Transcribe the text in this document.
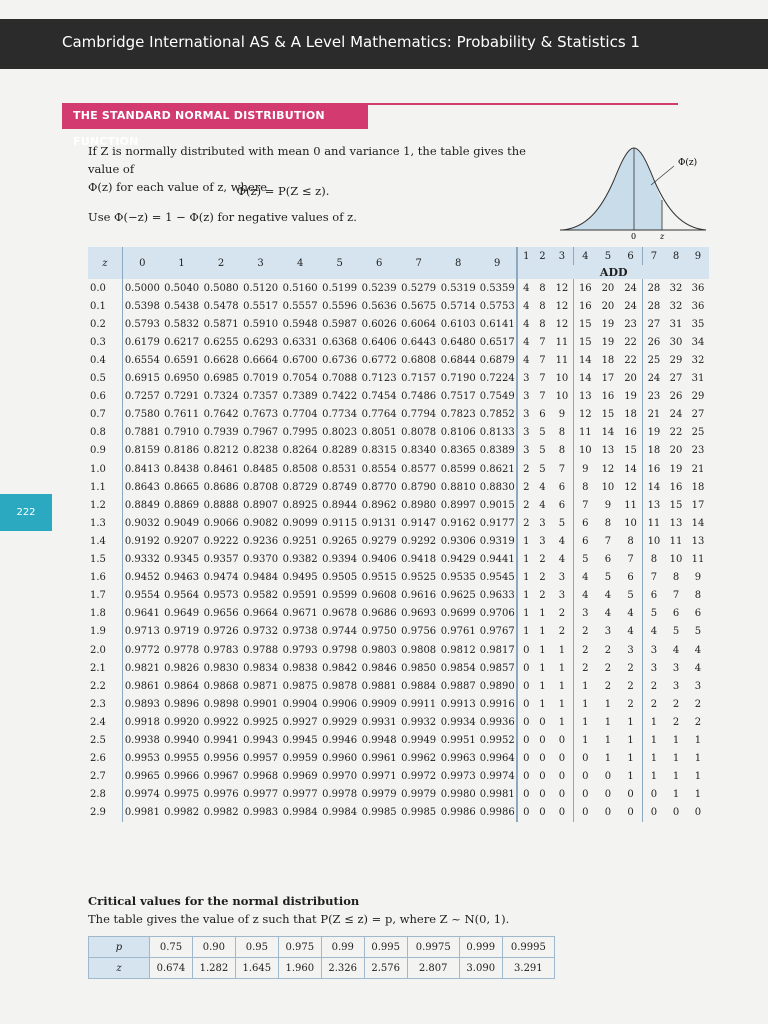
Cambridge International AS & A Level Mathematics: Probability & Statistics 1
THE STANDARD NORMAL DISTRIBUTION FUNCTION
222

If Z is normally distributed with mean 0 and variance 1, the table gives the value of

Φ(z) for each value of z, where

Φ(z) = P(Z ≤ z).
Use Φ(−z) = 1 − Φ(z) for negative values of z.
Φ(z)
0	z
z	0	1	2	3	4	5	6	7	8	9	1	2	3	4	5	6	7	8	9
											ADD								
0.0	0.5000	0.5040	0.5080	0.5120	0.5160	0.5199	0.5239	0.5279	0.5319	0.5359	4	8	12	16	20	24	28	32	36
0.1	0.5398	0.5438	0.5478	0.5517	0.5557	0.5596	0.5636	0.5675	0.5714	0.5753	4	8	12	16	20	24	28	32	36
0.2	0.5793	0.5832	0.5871	0.5910	0.5948	0.5987	0.6026	0.6064	0.6103	0.6141	4	8	12	15	19	23	27	31	35
0.3	0.6179	0.6217	0.6255	0.6293	0.6331	0.6368	0.6406	0.6443	0.6480	0.6517	4	7	11	15	19	22	26	30	34
0.4	0.6554	0.6591	0.6628	0.6664	0.6700	0.6736	0.6772	0.6808	0.6844	0.6879	4	7	11	14	18	22	25	29	32
0.5	0.6915	0.6950	0.6985	0.7019	0.7054	0.7088	0.7123	0.7157	0.7190	0.7224	3	7	10	14	17	20	24	27	31
0.6	0.7257	0.7291	0.7324	0.7357	0.7389	0.7422	0.7454	0.7486	0.7517	0.7549	3	7	10	13	16	19	23	26	29
0.7	0.7580	0.7611	0.7642	0.7673	0.7704	0.7734	0.7764	0.7794	0.7823	0.7852	3	6	9	12	15	18	21	24	27
0.8	0.7881	0.7910	0.7939	0.7967	0.7995	0.8023	0.8051	0.8078	0.8106	0.8133	3	5	8	11	14	16	19	22	25
0.9	0.8159	0.8186	0.8212	0.8238	0.8264	0.8289	0.8315	0.8340	0.8365	0.8389	3	5	8	10	13	15	18	20	23
1.0	0.8413	0.8438	0.8461	0.8485	0.8508	0.8531	0.8554	0.8577	0.8599	0.8621	2	5	7	9	12	14	16	19	21
1.1	0.8643	0.8665	0.8686	0.8708	0.8729	0.8749	0.8770	0.8790	0.8810	0.8830	2	4	6	8	10	12	14	16	18
1.2	0.8849	0.8869	0.8888	0.8907	0.8925	0.8944	0.8962	0.8980	0.8997	0.9015	2	4	6	7	9	11	13	15	17
1.3	0.9032	0.9049	0.9066	0.9082	0.9099	0.9115	0.9131	0.9147	0.9162	0.9177	2	3	5	6	8	10	11	13	14
1.4	0.9192	0.9207	0.9222	0.9236	0.9251	0.9265	0.9279	0.9292	0.9306	0.9319	1	3	4	6	7	8	10	11	13
1.5	0.9332	0.9345	0.9357	0.9370	0.9382	0.9394	0.9406	0.9418	0.9429	0.9441	1	2	4	5	6	7	8	10	11
1.6	0.9452	0.9463	0.9474	0.9484	0.9495	0.9505	0.9515	0.9525	0.9535	0.9545	1	2	3	4	5	6	7	8	9
1.7	0.9554	0.9564	0.9573	0.9582	0.9591	0.9599	0.9608	0.9616	0.9625	0.9633	1	2	3	4	4	5	6	7	8
1.8	0.9641	0.9649	0.9656	0.9664	0.9671	0.9678	0.9686	0.9693	0.9699	0.9706	1	1	2	3	4	4	5	6	6
1.9	0.9713	0.9719	0.9726	0.9732	0.9738	0.9744	0.9750	0.9756	0.9761	0.9767	1	1	2	2	3	4	4	5	5
2.0	0.9772	0.9778	0.9783	0.9788	0.9793	0.9798	0.9803	0.9808	0.9812	0.9817	0	1	1	2	2	3	3	4	4
2.1	0.9821	0.9826	0.9830	0.9834	0.9838	0.9842	0.9846	0.9850	0.9854	0.9857	0	1	1	2	2	2	3	3	4
2.2	0.9861	0.9864	0.9868	0.9871	0.9875	0.9878	0.9881	0.9884	0.9887	0.9890	0	1	1	1	2	2	2	3	3
2.3	0.9893	0.9896	0.9898	0.9901	0.9904	0.9906	0.9909	0.9911	0.9913	0.9916	0	1	1	1	1	2	2	2	2
2.4	0.9918	0.9920	0.9922	0.9925	0.9927	0.9929	0.9931	0.9932	0.9934	0.9936	0	0	1	1	1	1	1	2	2
2.5	0.9938	0.9940	0.9941	0.9943	0.9945	0.9946	0.9948	0.9949	0.9951	0.9952	0	0	0	1	1	1	1	1	1
2.6	0.9953	0.9955	0.9956	0.9957	0.9959	0.9960	0.9961	0.9962	0.9963	0.9964	0	0	0	0	1	1	1	1	1
2.7	0.9965	0.9966	0.9967	0.9968	0.9969	0.9970	0.9971	0.9972	0.9973	0.9974	0	0	0	0	0	1	1	1	1
2.8	0.9974	0.9975	0.9976	0.9977	0.9977	0.9978	0.9979	0.9979	0.9980	0.9981	0	0	0	0	0	0	0	1	1
2.9	0.9981	0.9982	0.9982	0.9983	0.9984	0.9984	0.9985	0.9985	0.9986	0.9986	0	0	0	0	0	0	0	0	0
Critical values for the normal distribution
The table gives the value of z such that P(Z ≤ z) = p, where Z ~ N(0, 1).
p	0.75	0.90	0.95	0.975	0.99	0.995	0.9975	0.999	0.9995
z	0.674	1.282	1.645	1.960	2.326	2.576	2.807	3.090	3.291
